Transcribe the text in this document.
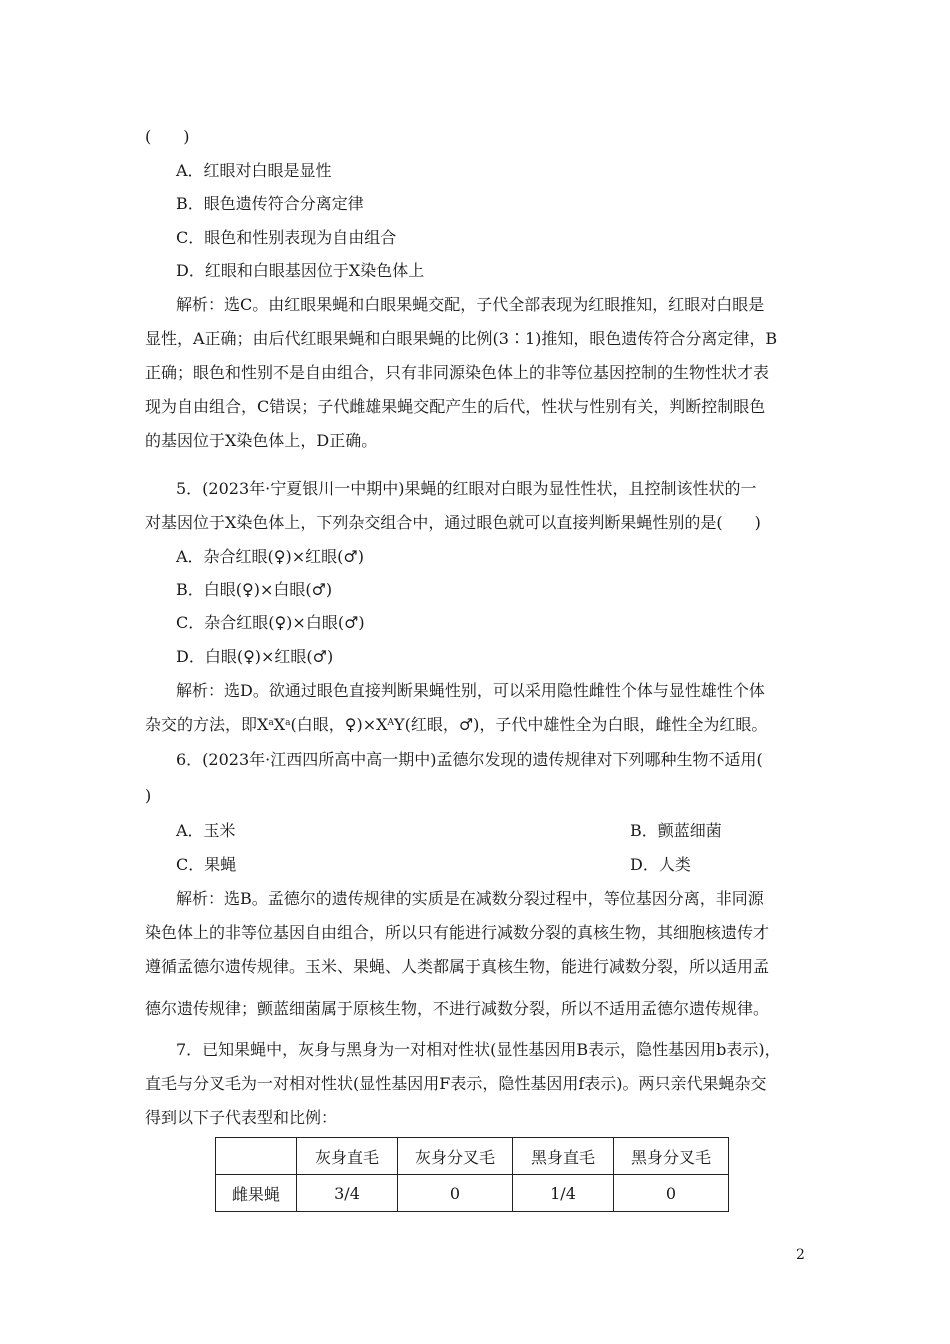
(　　)
A．红眼对白眼是显性
B．眼色遗传符合分离定律
C．眼色和性别表现为自由组合
D．红眼和白眼基因位于X染色体上
解析：选C。由红眼果蝇和白眼果蝇交配，子代全部表现为红眼推知，红眼对白眼是
显性，A正确；由后代红眼果蝇和白眼果蝇的比例(3∶1)推知，眼色遗传符合分离定律，B
正确；眼色和性别不是自由组合，只有非同源染色体上的非等位基因控制的生物性状才表
现为自由组合，C错误；子代雌雄果蝇交配产生的后代，性状与性别有关，判断控制眼色
的基因位于X染色体上，D正确。
5．(2023年·宁夏银川一中期中)果蝇的红眼对白眼为显性性状，且控制该性状的一
对基因位于X染色体上，下列杂交组合中，通过眼色就可以直接判断果蝇性别的是(　　)
A．杂合红眼(♀)×红眼(♂)
B．白眼(♀)×白眼(♂)
C．杂合红眼(♀)×白眼(♂)
D．白眼(♀)×红眼(♂)
解析：选D。欲通过眼色直接判断果蝇性别，可以采用隐性雌性个体与显性雄性个体
杂交的方法，即$X^aX^a$(白眼，$♀)\times X^AY$(红眼，♂)，子代中雄性全为白眼，雌性全为红眼。
6．(2023年·江西四所高中高一期中)孟德尔发现的遗传规律对下列哪种生物不适用(
)
A．玉米	B．颤蓝细菌
C．果蝇	D．人类
解析：选B。孟德尔的遗传规律的实质是在减数分裂过程中，等位基因分离，非同源
染色体上的非等位基因自由组合，所以只有能进行减数分裂的真核生物，其细胞核遗传才
遵循孟德尔遗传规律。玉米、果蝇、人类都属于真核生物，能进行减数分裂，所以适用孟
德尔遗传规律；颤蓝细菌属于原核生物，不进行减数分裂，所以不适用孟德尔遗传规律。
7．已知果蝇中，灰身与黑身为一对相对性状(显性基因用B表示，隐性基因用b表示)，
直毛与分叉毛为一对相对性状(显性基因用F表示，隐性基因用f表示)。两只亲代果蝇杂交
得到以下子代表型和比例：
	灰身直毛	灰身分叉毛	黑身直毛	黑身分叉毛
雌果蝇	3/4	0	1/4	0
2
